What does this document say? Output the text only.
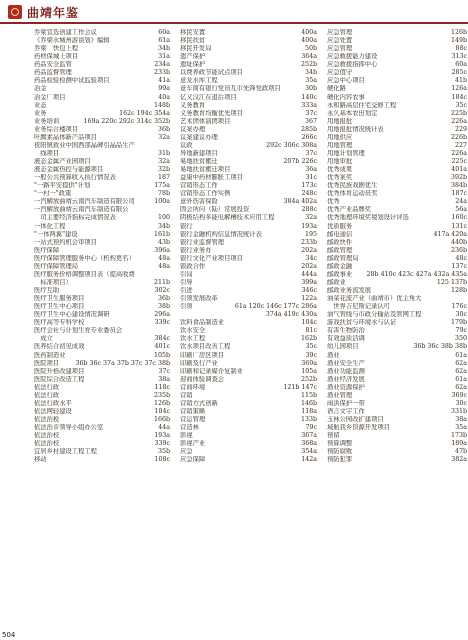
曲靖年鉴
乔梁宣选创建工作会议	60a
《乔梁水城州游谈划》编辑	61a
乔梁　快包上程	34b
药材保城上项目	31a
药品安全监管	234a
药品监督管理	233b
药品检验检测中试监验项目	41a
冶金	99a
冶金厂项目	40a
业态	148b
业务	162c 194c 354a
业务培训	169a 220c 292c 314c 352b
业务综合楼项目	36b
叶腾素晶体新产品项目	32a
夜阳镇致业中国西部晶碑引晶品生产
　线项目	31b
液态金属产业园项目	32a
液态金属热控与能源项目	32b
一般公共预算收入执行情况表	187
"一路平安提供"计划	175a
"一村一"政策	78b
一汽解放曲靖云南汽车制造有限公司	100a
一汽解放曲靖云南汽车制造有限公
　司主要经济指标完成情况表	100
一体化工程	34b
"一体两翼"建设	161b
一站式预约机会审项目	43b
医疗保障	396a
医疗保障管理服务中心（机构更名）	48a
医疗保障管理局	48a
医疗服务价格调整项目表（提高收费
　标准项目）	211b
医疗互助	302c
医疗卫生服务项目	36b
医疗卫生中心项目	38b
医疗卫生中心建设情况调研	296a
医疗高等专科学校	339c
医疗会社与计划生育专业委员会
　成立	384c
医养结合初见成效	401c
医药制造业	105b
医院项目	36b 36c 37a 37b 37c 37c 38b
医院升格改建项目	37c
医院综合改造工程	38a
依法行政	118c
依法行政	235b
依法行政水平	126b
依法网轻建设	184c
依法治税	166b
依法治市领导小组办公室	44a
依法治校	193a
依法治校	339c
宜居乡村建设工程工程	35b
移动	108c
移民安置	400a
移民扶贫	400a
移民开发局	50b
遗产保护	364a
遗址保护	252b
以费养政节能试点项目	34b
意龙水库工程	35a
意车简有银行党员互市先锋党政项目	30b
亿又汉江在退后项目	140c
义务教育	333a
义务教育均衡优先项目	37c
艺术团体演团项目	367
议案办理	285b
议案建议办理	266c
议政	292c 306c 308a
异地新建项目	37c
易地扶贫搬迁	207b 226c
易地扶贫搬迁项目	36a
益康中药材膨胀工项目	31c
营销形态工作	173c
营销形态工作实例	248c
意外伤害保险	384a 402a
固会所问（陆）常展投资	288c
阴极结构多能电解槽技术应用工程	32a
银行	193a
银行金融机构信息情况统计表	195
银行业监督管理	233b
银行业务办	202a
银行文化产业项目项目	34c
银政合作	202a
引词	444a
引导	399a
引进	346c
引领发展改革	122a
引领	61a 120c 146c 177c 286a
374a 419c 430a
饮料食品制造业	104c
饮水安全	81c
饮水工程	162b
饮水项目改善工程	35c
印刷厂房区项目	39c
印刷及行产业	369a
印刷和记录媒介复制业	105a
迎商体验调查会	252b
营商环境	121b 147c
营销	115b
营销方式创新	146b
营销策略	118a
营运管理	133b
营造林	79c
影视	367a
影视产业	368a
应急	354a
应急保障	142a
应急管理	126b
应急处置	149b
应急管理	88c
应急救援能力建设	313c
应急救援指挥中心	60a
应急值守	285c
应急中心项目	41b
硬化路	126a
硬化内容农事	184c
永和路高层住宅交修工程	35c
永久基本农田划定	225b
用地报批	226a
用地报批情况统计表	229
用地供应	226b
用地管理	227
用地计划管理	226a
用地审批	225c
优秀成果	401a
优秀案奖	392b
优秀民族戏剧优生	384b
优秀体育运动员奖	187c
优秀	24a
优秀产业品牌奖	56a
优秀地理环境奖境划设计评选	160c
优质服务	131c
邮电通信	417a 420a
邮政快件	440b
邮政管理	236b
邮政管理局	48c
邮政金融	137c
邮政事业	28b 410c 423c 427a 432a 435a
邮政业	125 137b
邮政业务流发展	128b
油菜花流产业（曲靖市）优主角大
　世界吉尼斯记录认可	176c
油气管线与市政分输站及管网工程	30c
游戏扶贫与环境水与认证	179b
有害生物防治	79c
有效益质活调	350
幼儿园项目	36b 36c 38b 38b
渔业	61a
渔业安全生产	62a
渔业功能监测	62a
渔业经济发展	61a
渔业资源保护	62a
渔业管理	369c
雨洪保护一带	30c
语言文字工作	331b
玉林公园改扩建项目	38a
域航我乡资源开发项目	35a
预留	173b
预算调整	189a
预防腐败	47b
预防犯罪	382a
504
